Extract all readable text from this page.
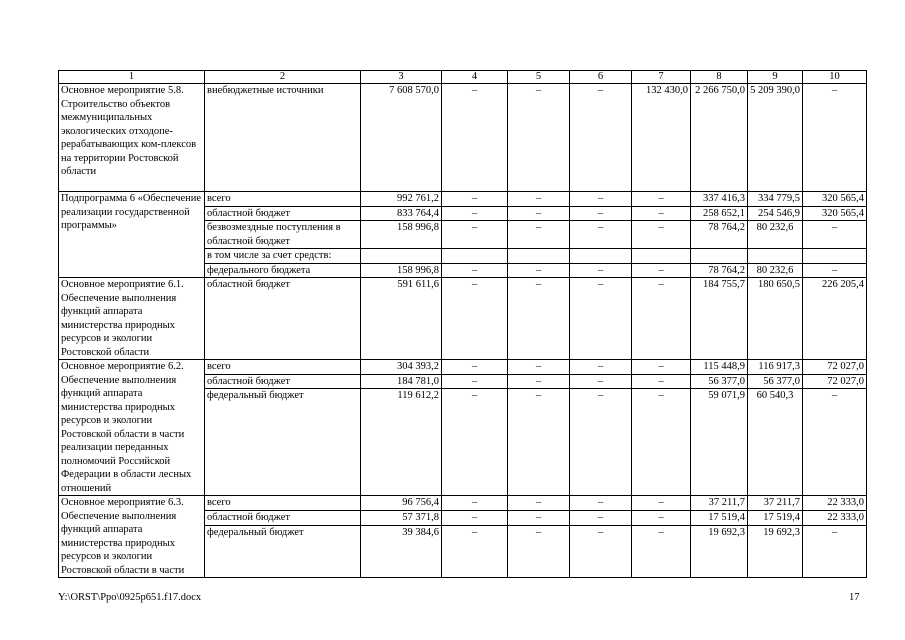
1	2	3	4	5	6	7	8	9	10
Основное мероприятие 5.8. Строительство объектов межмуниципальных экологических отходопе-рерабатывающих ком-плексов на территории Ростовской области	внебюджетные источники	7 608 570,0	–	–	–	132 430,0	2 266 750,0	5 209 390,0	–
Подпрограмма 6 «Обеспечение реализации государственной программы»	всего	992 761,2	–	–	–	–	337 416,3	334 779,5	320 565,4
	областной бюджет	833 764,4	–	–	–	–	258 652,1	254 546,9	320 565,4
	безвозмездные поступления в областной бюджет	158 996,8	–	–	–	–	78 764,2	80 232,6	–
	в том числе за счет средств:								
	федерального бюджета	158 996,8	–	–	–	–	78 764,2	80 232,6	–
Основное мероприятие 6.1. Обеспечение выполнения функций аппарата министерства природных ресурсов и экологии Ростовской области	областной бюджет	591 611,6	–	–	–	–	184 755,7	180 650,5	226 205,4
Основное мероприятие 6.2. Обеспечение выполнения функций аппарата министерства природных ресурсов и экологии Ростовской области в части реализации переданных полномочий Российской Федерации в области лесных отношений	всего	304 393,2	–	–	–	–	115 448,9	116 917,3	72 027,0
	областной бюджет	184 781,0	–	–	–	–	56 377,0	56 377,0	72 027,0
	федеральный бюджет	119 612,2	–	–	–	–	59 071,9	60 540,3	–
Основное мероприятие 6.3. Обеспечение выполнения функций аппарата министерства природных ресурсов и экологии Ростовской области в части	всего	96 756,4	–	–	–	–	37 211,7	37 211,7	22 333,0
	областной бюджет	57 371,8	–	–	–	–	17 519,4	17 519,4	22 333,0
	федеральный бюджет	39 384,6	–	–	–	–	19 692,3	19 692,3	–
Y:\ORST\Ppo\0925p651.f17.docx	17
